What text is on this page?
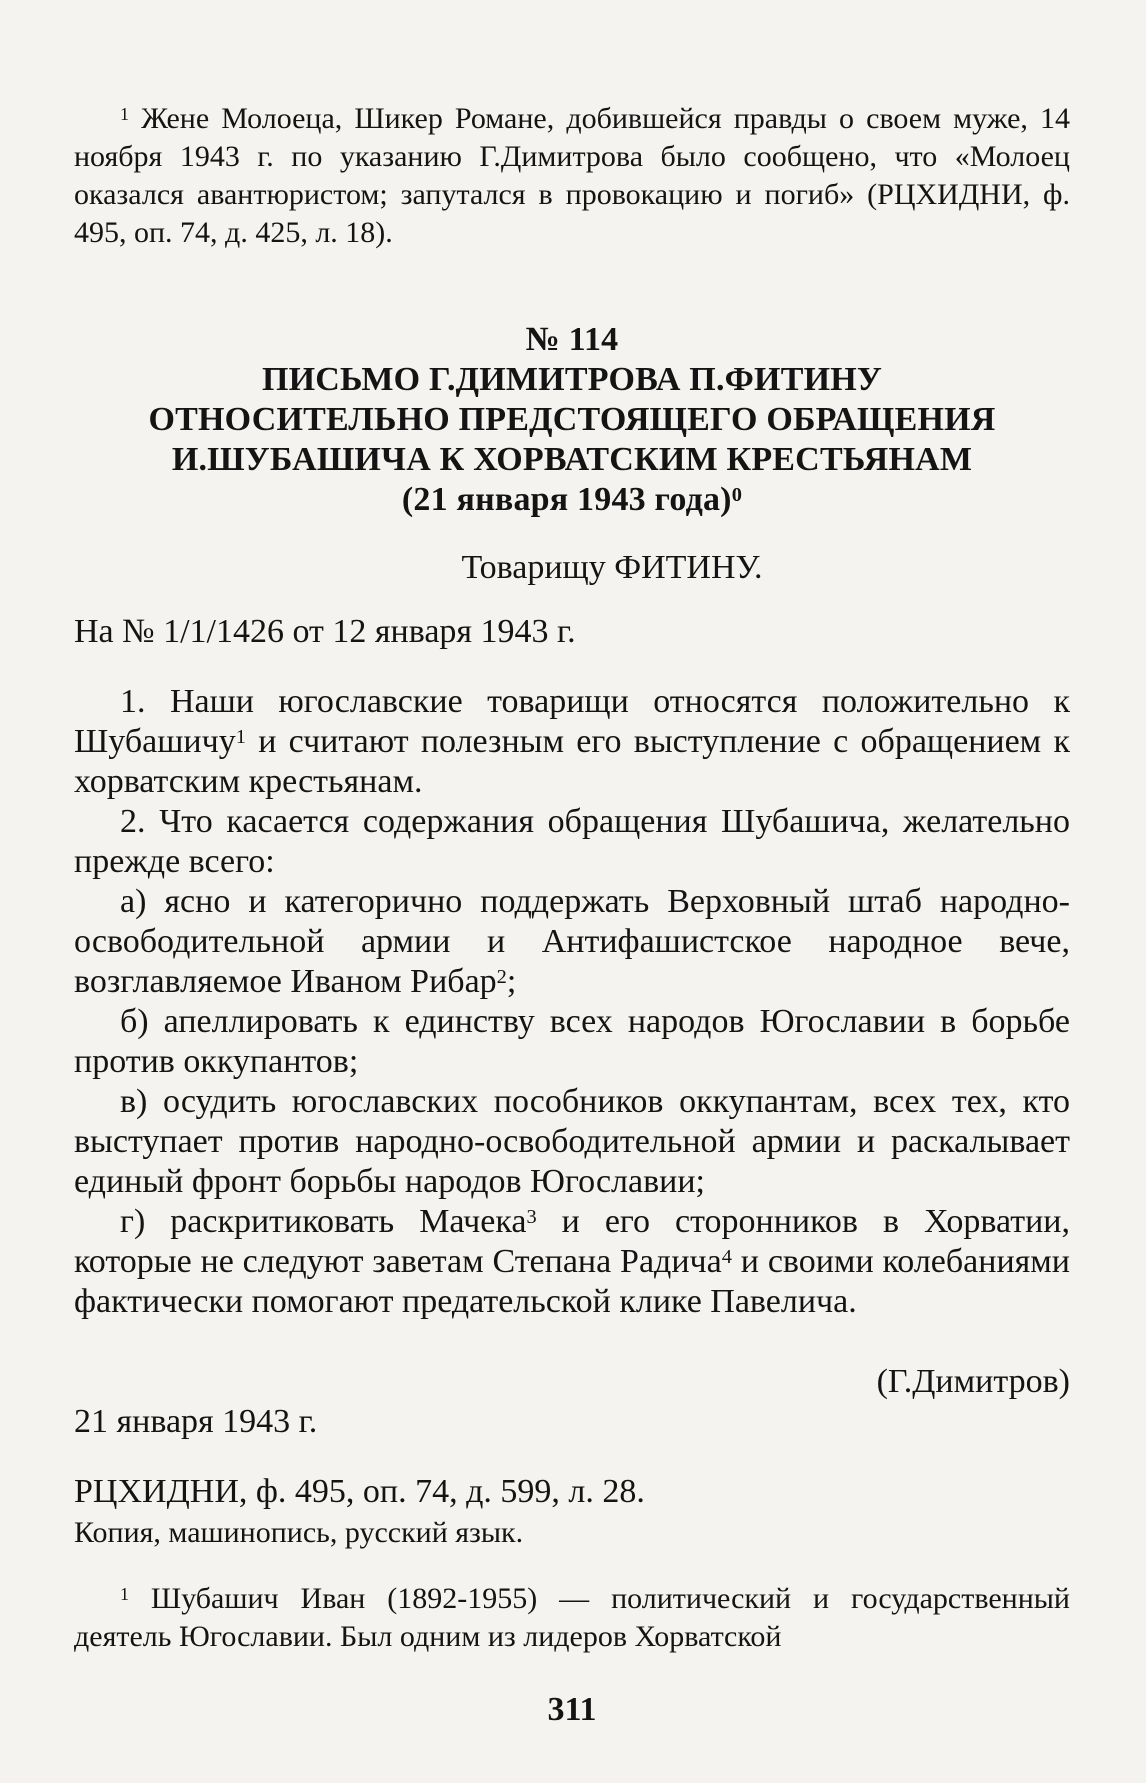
$^1$ Жене Молоеца, Шикер Романе, добившейся правды о своем муже, 14 ноября 1943 г. по указанию Г.Димитрова было сообщено, что «Молоец оказался авантюристом; запутался в провокацию и погиб» (РЦХИДНИ, ф. 495, оп. 74, д. 425, л. 18).
№ 114
ПИСЬМО Г.ДИМИТРОВА П.ФИТИНУ
ОТНОСИТЕЛЬНО ПРЕДСТОЯЩЕГО ОБРАЩЕНИЯ
И.ШУБАШИЧА К ХОРВАТСКИМ КРЕСТЬЯНАМ
(21 января 1943 года)$^0$
Товарищу ФИТИНУ.
На № 1/1/1426 от 12 января 1943 г.
1. Наши югославские товарищи относятся положительно к Шубашичу$^1$ и считают полезным его выступление с обращением к хорватским крестьянам.
2. Что касается содержания обращения Шубашича, желательно прежде всего:
а) ясно и категорично поддержать Верховный штаб народно-освободительной армии и Антифашистское народное вече, возглавляемое Иваном Рибар$^2$;
б) апеллировать к единству всех народов Югославии в борьбе против оккупантов;
в) осудить югославских пособников оккупантам, всех тех, кто выступает против народно-освободительной армии и раскалывает единый фронт борьбы народов Югославии;
г) раскритиковать Мачека$^3$ и его сторонников в Хорватии, которые не следуют заветам Степана Радича$^4$ и своими колебаниями фактически помогают предательской клике Павелича.
(Г.Димитров)
21 января 1943 г.
РЦХИДНИ, ф. 495, оп. 74, д. 599, л. 28.
Копия, машинопись, русский язык.
$^1$ Шубашич Иван (1892-1955) — политический и государственный деятель Югославии. Был одним из лидеров Хорватской
311
